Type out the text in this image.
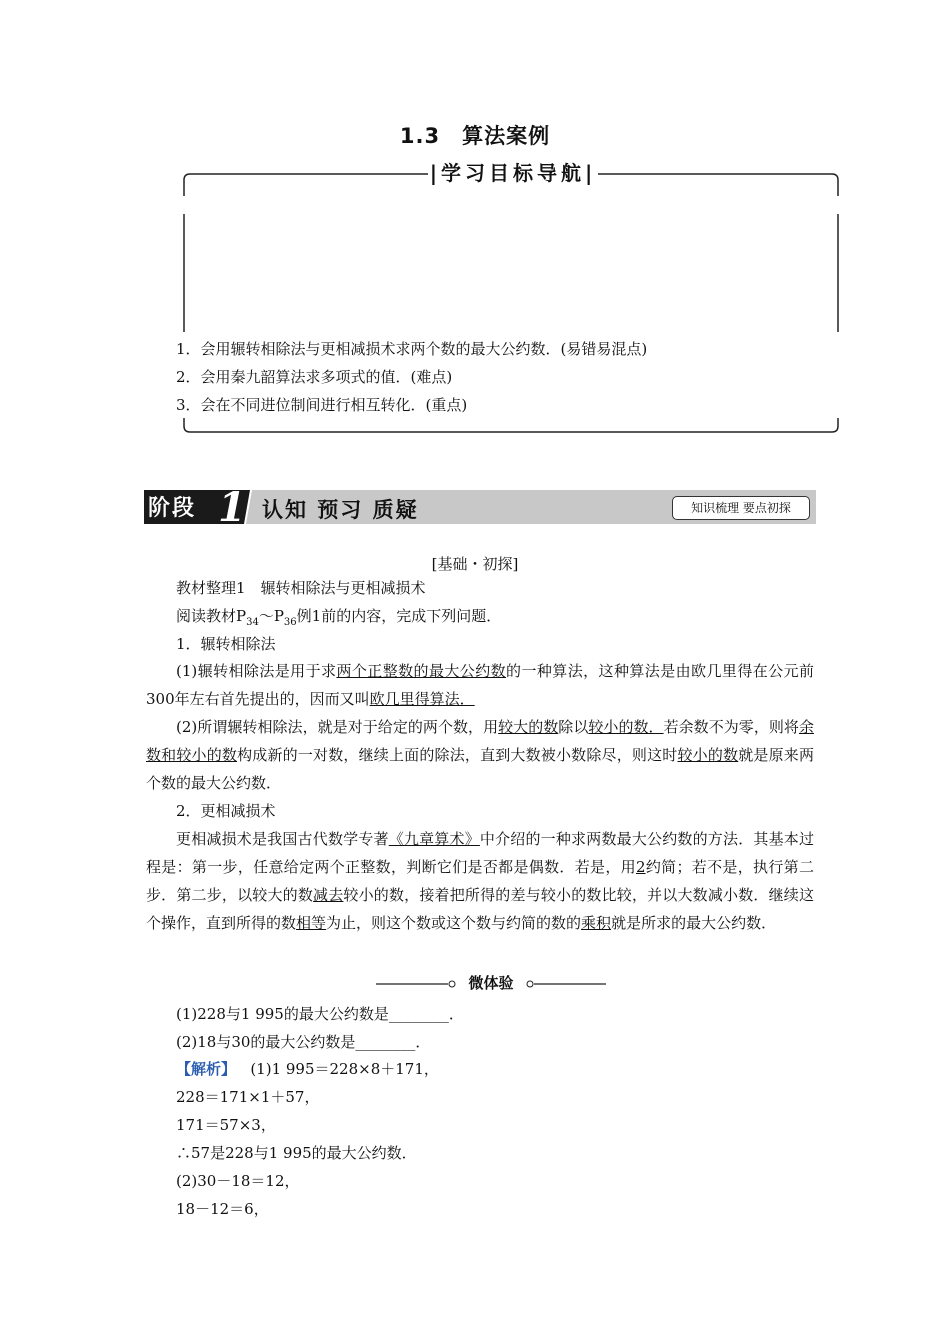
1.3　算法案例
|学习目标导航|
1．会用辗转相除法与更相减损术求两个数的最大公约数．(易错易混点)
2．会用秦九韶算法求多项式的值．(难点)
3．会在不同进位制间进行相互转化．(重点)
阶段 1 认知 预习 质疑	知识梳理 要点初探
[基础・初探]
教材整理1　辗转相除法与更相减损术
阅读教材$P_{34}\sim P_{36}$例1前的内容，完成下列问题．
1．辗转相除法
(1)辗转相除法是用于求两个正整数的最大公约数的一种算法，这种算法是由欧几里得在公元前300年左右首先提出的，因而又叫欧几里得算法．
(2)所谓辗转相除法，就是对于给定的两个数，用较大的数除以较小的数．若余数不为零，则将余数和较小的数构成新的一对数，继续上面的除法，直到大数被小数除尽，则这时较小的数就是原来两个数的最大公约数．
2．更相减损术
更相减损术是我国古代数学专著《九章算术》中介绍的一种求两数最大公约数的方法．其基本过程是：第一步，任意给定两个正整数，判断它们是否都是偶数．若是，用2约简；若不是，执行第二步．第二步，以较大的数减去较小的数，接着把所得的差与较小的数比较，并以大数减小数．继续这个操作，直到所得的数相等为止，则这个数或这个数与约简的数的乘积就是所求的最大公约数．
微体验
(1)228与1 995的最大公约数是________．
(2)18与30的最大公约数是________．
【解析】 (1)1 995＝228×8＋171，
228＝171×1＋57，
171＝57×3，
∴57是228与1 995的最大公约数．
(2)30－18＝12，
18－12＝6，
